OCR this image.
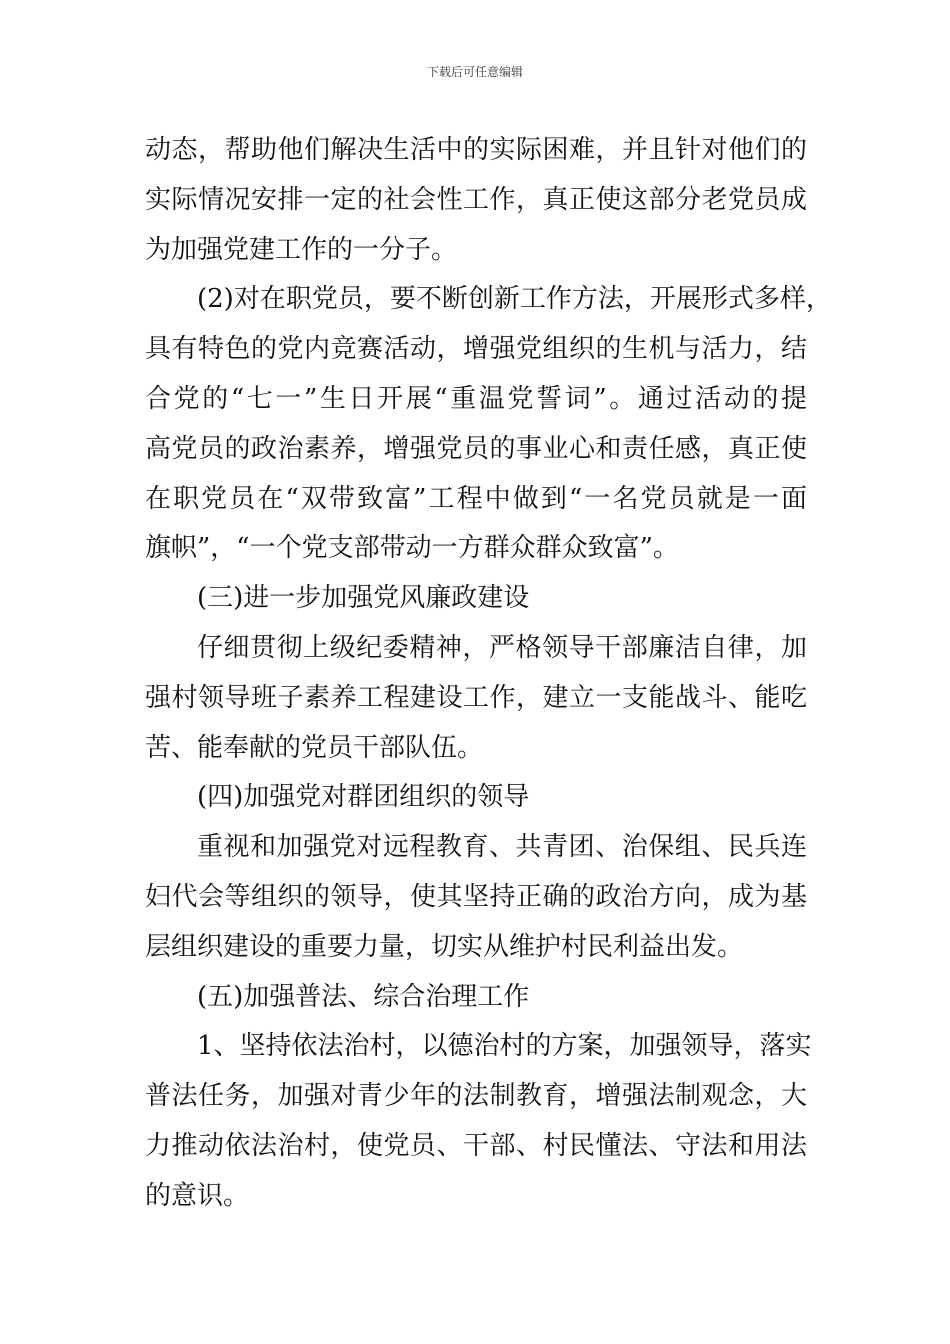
下载后可任意编辑
动态，帮助他们解决生活中的实际困难，并且针对他们的
实际情况安排一定的社会性工作，真正使这部分老党员成
为加强党建工作的一分子。
(2)对在职党员，要不断创新工作方法，开展形式多样，
具有特色的党内竞赛活动，增强党组织的生机与活力，结
合党的“七一”生日开展“重温党誓词”。通过活动的提
高党员的政治素养，增强党员的事业心和责任感，真正使
在职党员在“双带致富”工程中做到“一名党员就是一面
旗帜”，“一个党支部带动一方群众群众致富”。
(三)进一步加强党风廉政建设
仔细贯彻上级纪委精神，严格领导干部廉洁自律，加
强村领导班子素养工程建设工作，建立一支能战斗、能吃
苦、能奉献的党员干部队伍。
(四)加强党对群团组织的领导
重视和加强党对远程教育、共青团、治保组、民兵连
妇代会等组织的领导，使其坚持正确的政治方向，成为基
层组织建设的重要力量，切实从维护村民利益出发。
(五)加强普法、综合治理工作
1、坚持依法治村，以德治村的方案，加强领导，落实
普法任务，加强对青少年的法制教育，增强法制观念，大
力推动依法治村，使党员、干部、村民懂法、守法和用法
的意识。
